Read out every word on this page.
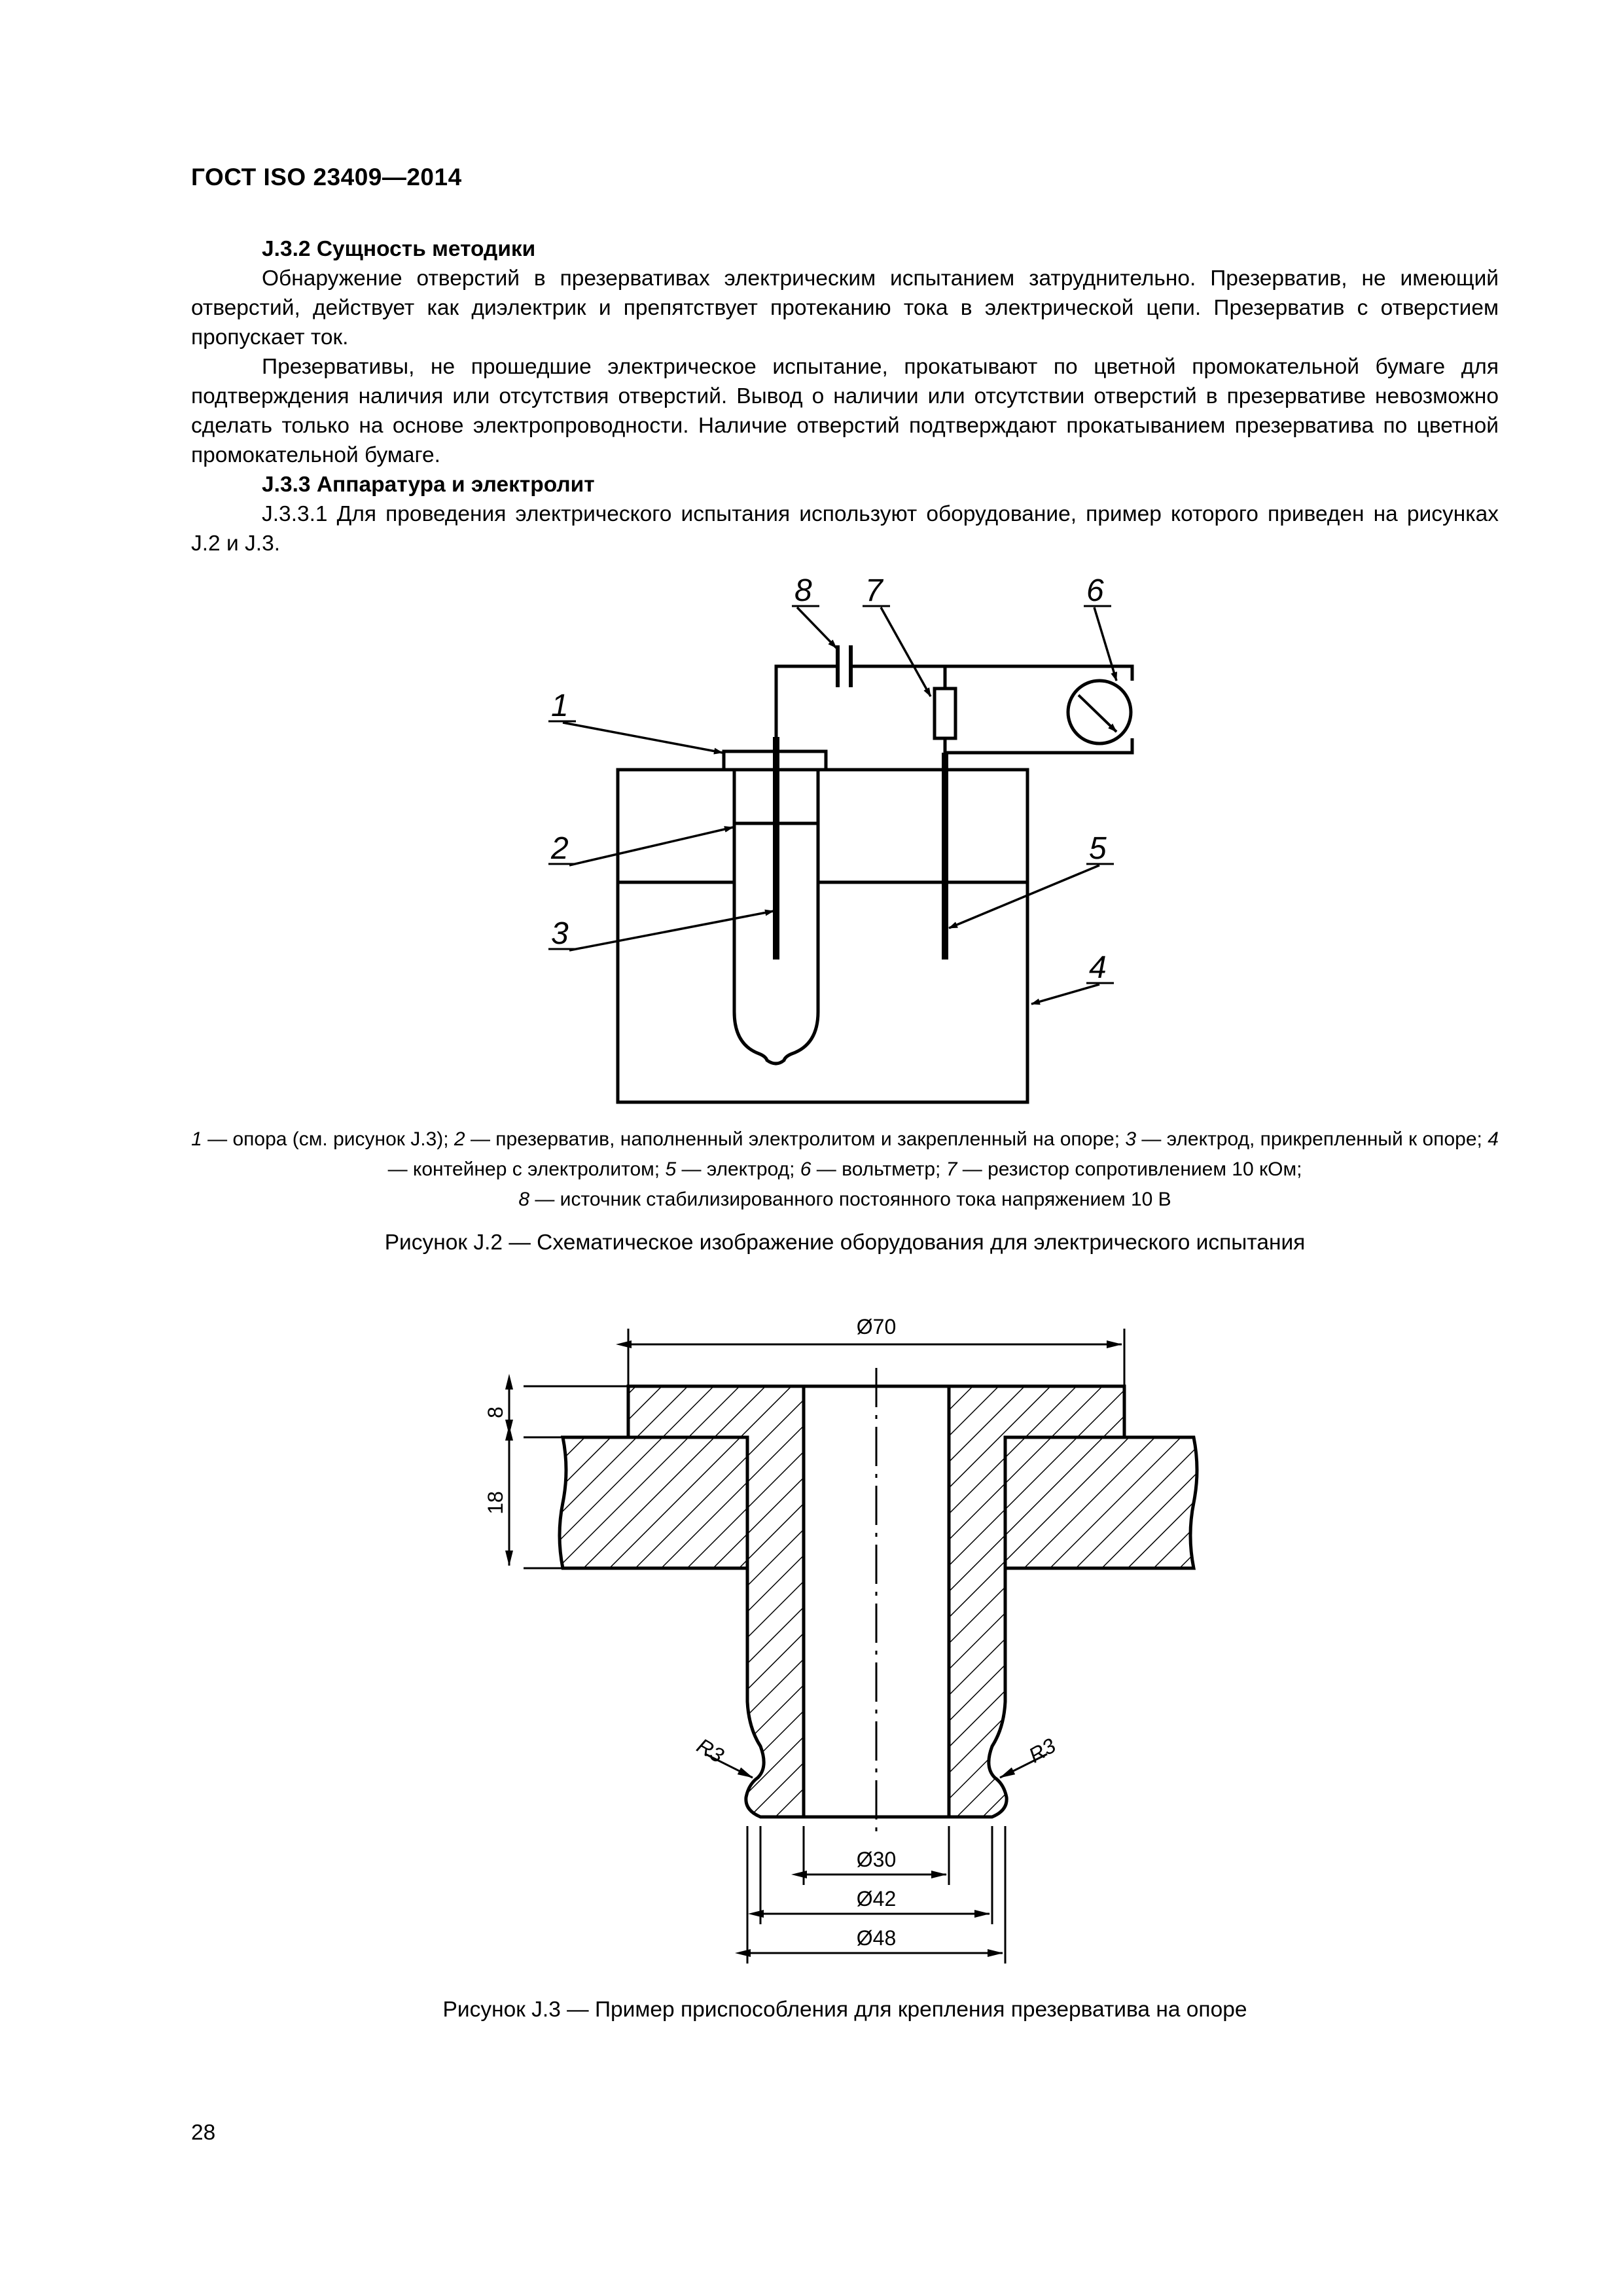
ГОСТ ISO 23409—2014

J.3.2 Сущность методики

Обнаружение отверстий в презервативах электрическим испытанием затруднительно. Презерватив, не имеющий отверстий, действует как диэлектрик и препятствует протеканию тока в электрической цепи. Презерватив с отверстием пропускает ток.

Презервативы, не прошедшие электрическое испытание, прокатывают по цветной промокательной бумаге для подтверждения наличия или отсутствия отверстий. Вывод о наличии или отсутствии отверстий в презервативе невозможно сделать только на основе электропроводности. Наличие отверстий подтверждают прокатыванием презерватива по цветной промокательной бумаге.

J.3.3 Аппаратура и электролит

J.3.3.1 Для проведения электрического испытания используют оборудование, пример которого приведен на рисунках J.2 и J.3.

1
2
3
4
5
6
7
8
1 — опора (см. рисунок J.3); 2 — презерватив, наполненный электролитом и закрепленный на опоре; 3 — электрод, прикрепленный к опоре; 4 — контейнер с электролитом; 5 — электрод; 6 — вольтметр; 7 — резистор сопротивлением 10 кОм;
8 — источник стабилизированного постоянного тока напряжением 10 В
Рисунок J.2 — Схематическое изображение оборудования для электрического испытания
Ø70
8
18
R3	R3
Ø30
Ø42
Ø48
Рисунок J.3 — Пример приспособления для крепления презерватива на опоре
28
